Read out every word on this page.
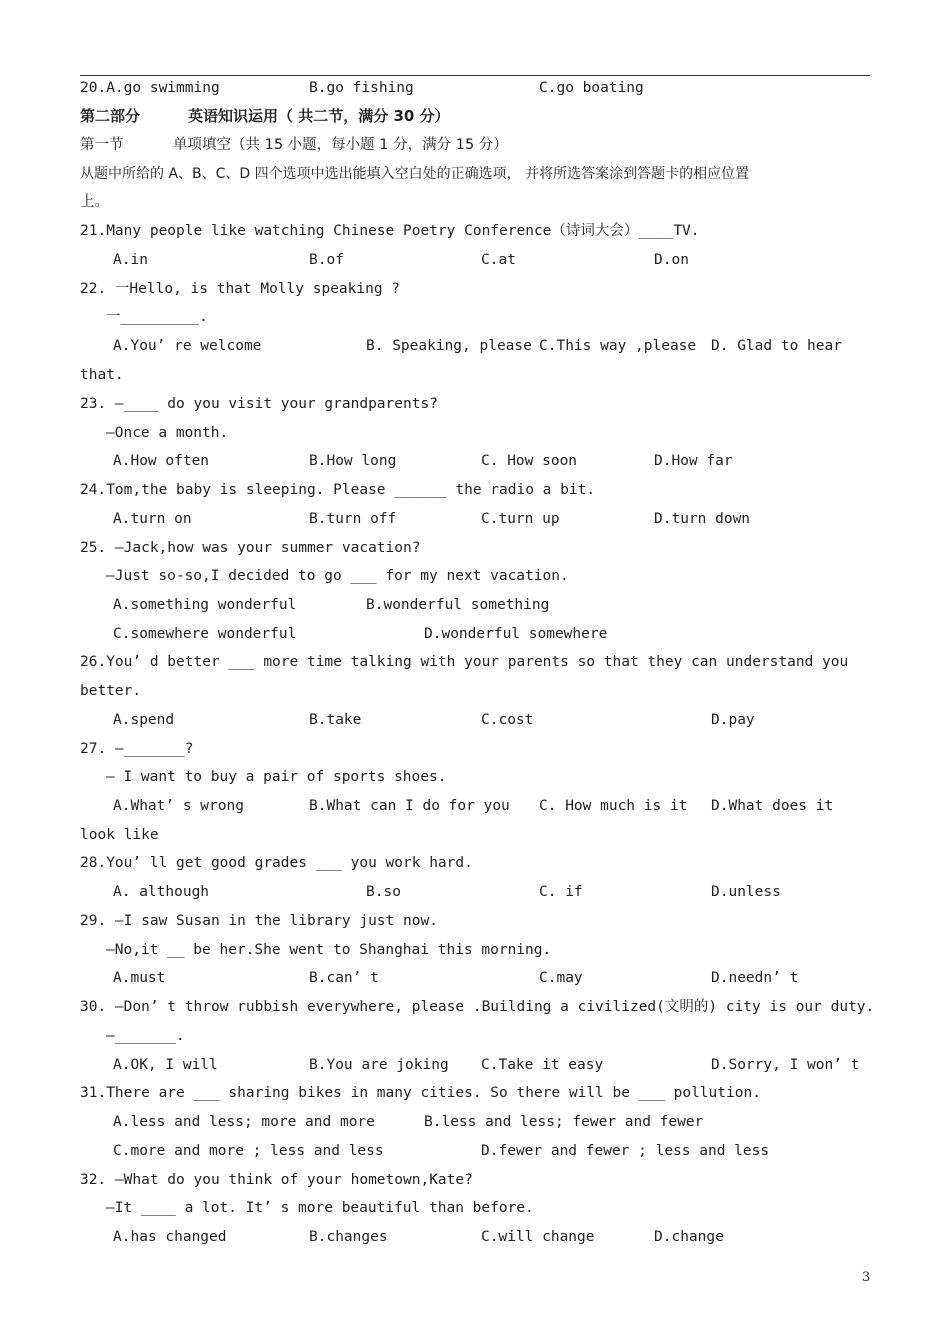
20.A.go swimming	B.go fishing	C.go boating
第二部分	英语知识运用（ 共二节，满分 30 分）
第一节	单项填空（共 15 小题，每小题 1 分，满分 15 分）
从题中所给的 A、B、C、D 四个选项中选出能填入空白处的正确选项， 并将所选答案涂到答题卡的相应位置
上。
21.Many people like watching Chinese Poetry Conference（诗词大会）____TV.
A.in	B.of	C.at	D.on
22. 一Hello, is that Molly speaking ?
一_________.
A.You’ re welcome	B. Speaking, please C.This way ,please D. Glad to hear
that.
23. —____ do you visit your grandparents?
—Once a month.
A.How often	B.How long	C. How soon	D.How far
24.Tom,the baby is sleeping. Please ______ the radio a bit.
A.turn on	B.turn off	C.turn up	D.turn down
25. —Jack,how was your summer vacation?
—Just so-so,I decided to go ___ for my next vacation.
A.something wonderful	B.wonderful something
C.somewhere wonderful	D.wonderful somewhere
26.You’ d better ___ more time talking with your parents so that they can understand you
better.
A.spend	B.take	C.cost	D.pay
27. —_______?
— I want to buy a pair of sports shoes.
A.What’ s wrong	B.What can I do for you C. How much is it D.What does it
look like
28.You’ ll get good grades ___ you work hard.
A. although	B.so	C. if	D.unless
29. —I saw Susan in the library just now.
—No,it __ be her.She went to Shanghai this morning.
A.must	B.can’ t	C.may	D.needn’ t
30. —Don’ t throw rubbish everywhere, please .Building a civilized(文明的) city is our duty.
—_______.
A.OK, I will	B.You are joking C.Take it easy	D.Sorry, I won’ t
31.There are ___ sharing bikes in many cities. So there will be ___ pollution.
A.less and less; more and more	B.less and less; fewer and fewer
C.more and more ; less and less	D.fewer and fewer ; less and less
32. —What do you think of your hometown,Kate?
—It ____ a lot. It’ s more beautiful than before.
A.has changed	B.changes	C.will change	D.change
3
